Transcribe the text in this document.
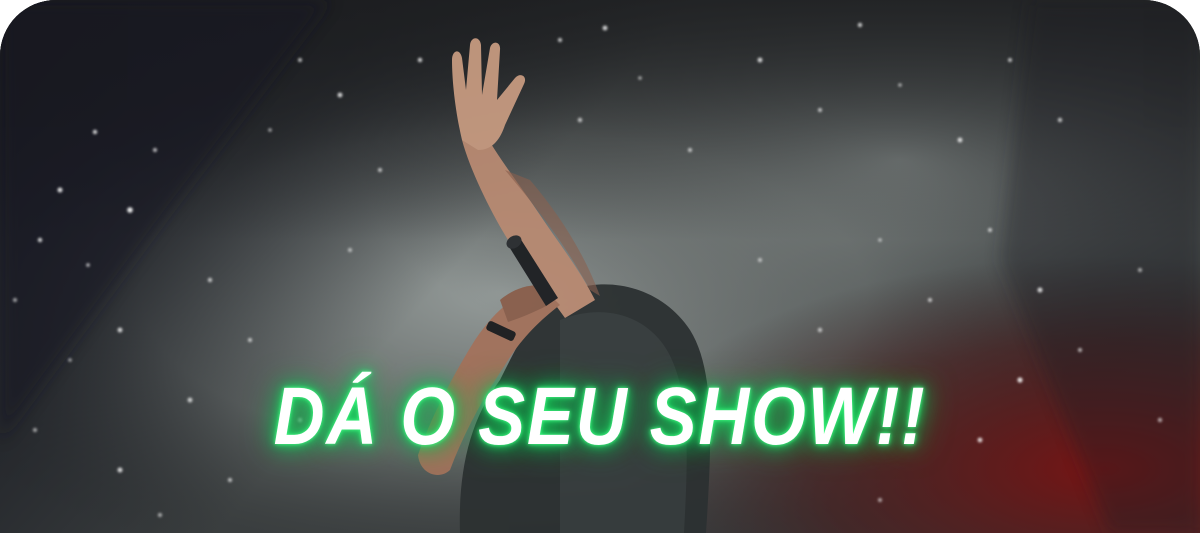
DÁ O SEU SHOW!!
